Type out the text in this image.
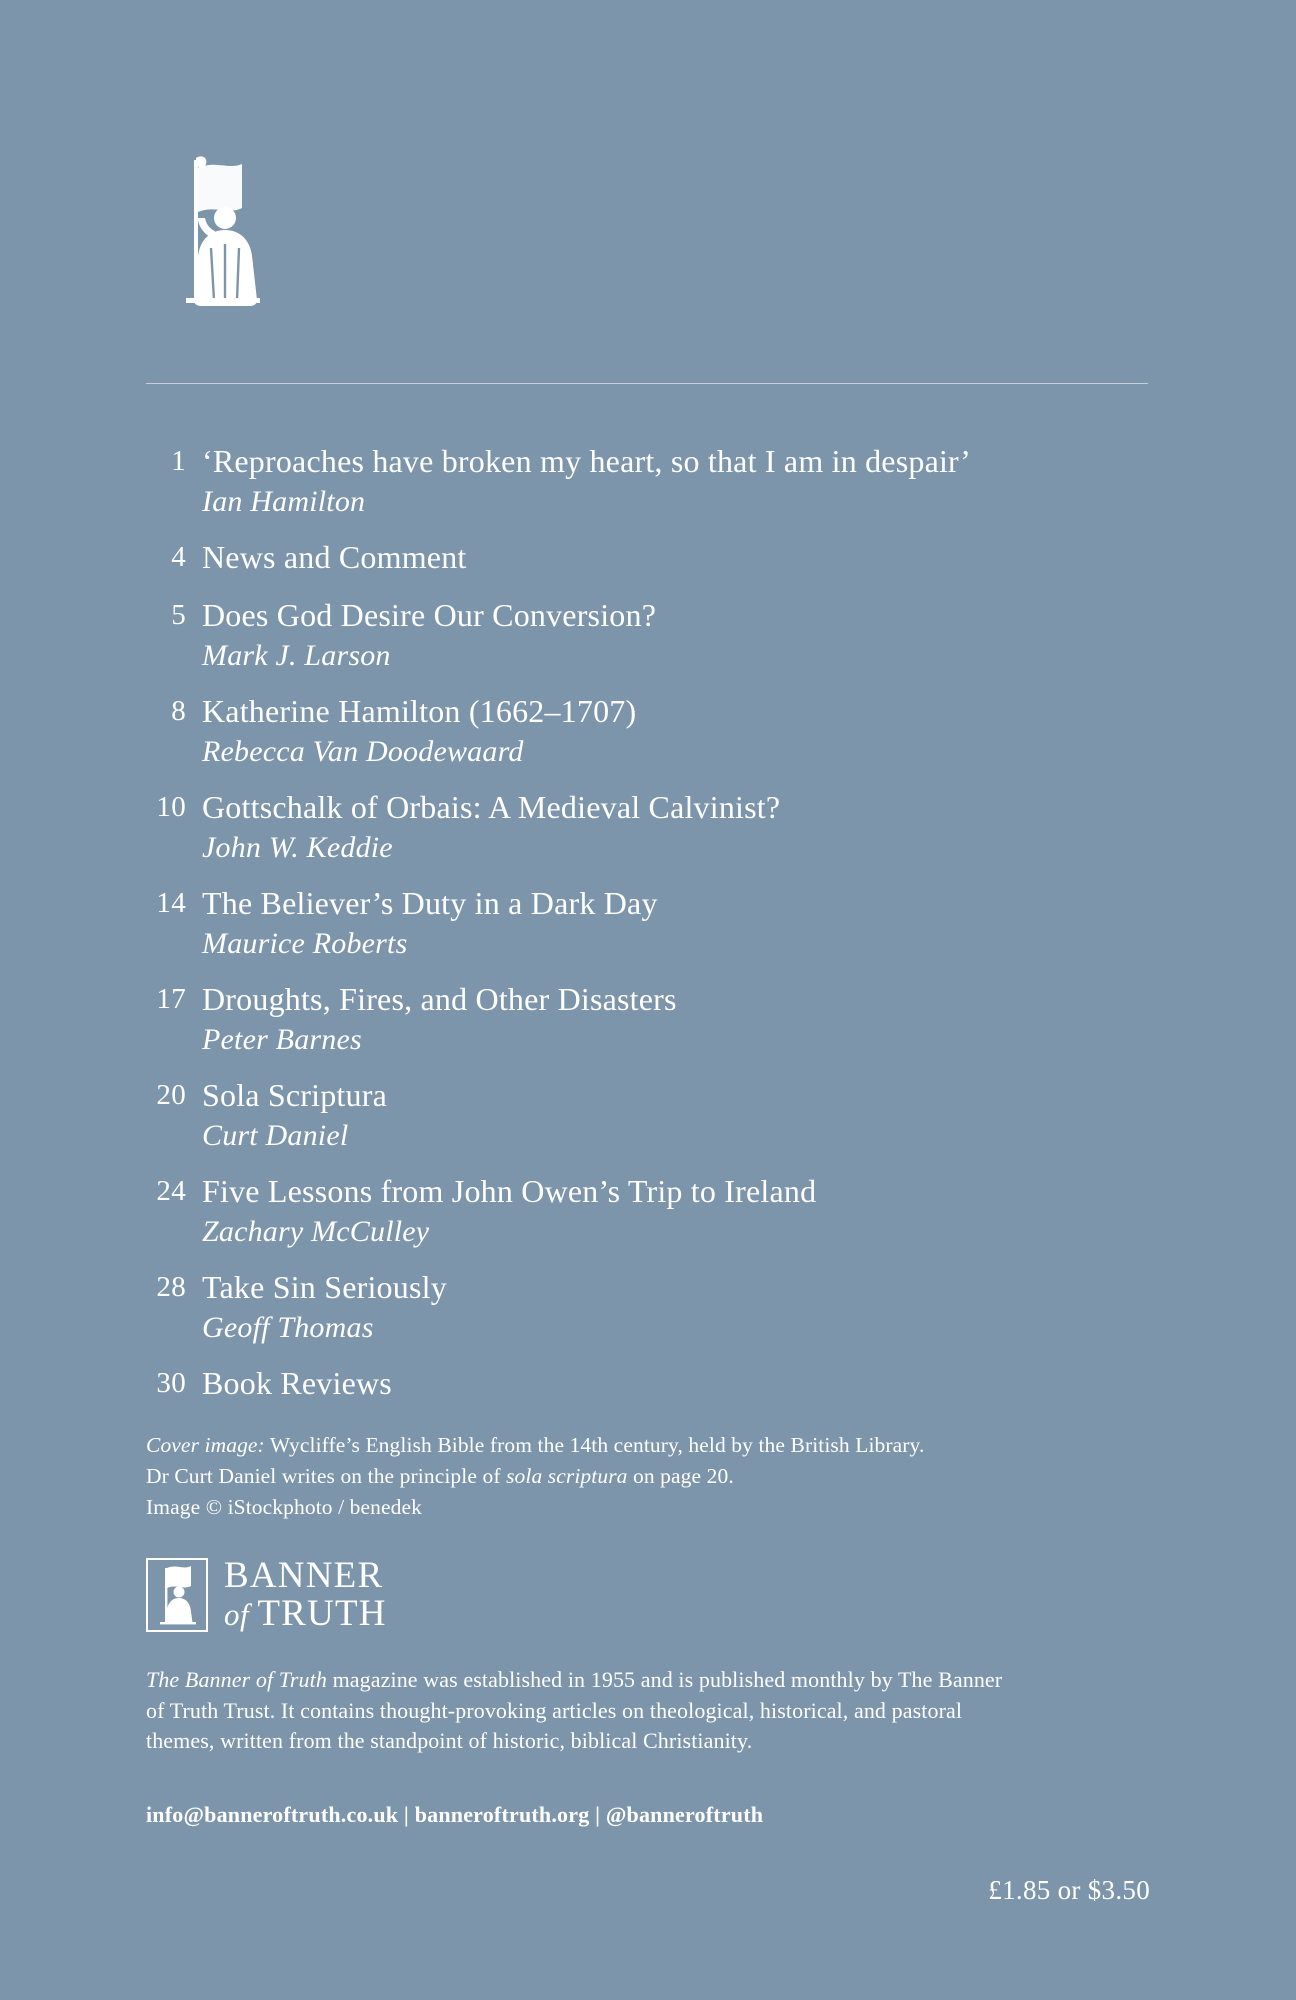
1 ‘Reproaches have broken my heart, so that I am in despair’
Ian Hamilton
4 News and Comment
5 Does God Desire Our Conversion?
Mark J. Larson
8 Katherine Hamilton (1662–1707)
Rebecca Van Doodewaard
10 Gottschalk of Orbais: A Medieval Calvinist?
John W. Keddie
14 The Believer’s Duty in a Dark Day
Maurice Roberts
17 Droughts, Fires, and Other Disasters
Peter Barnes
20 Sola Scriptura
Curt Daniel
24 Five Lessons from John Owen’s Trip to Ireland
Zachary McCulley
28 Take Sin Seriously
Geoff Thomas
30 Book Reviews
Cover image: Wycliffe’s English Bible from the 14th century, held by the British Library.
Dr Curt Daniel writes on the principle of sola scriptura on page 20.
Image © iStockphoto / benedek
BANNER
of TRUTH
The Banner of Truth magazine was established in 1955 and is published monthly by The Banner of Truth Trust. It contains thought-provoking articles on theological, historical, and pastoral themes, written from the standpoint of historic, biblical Christianity.
info@banneroftruth.co.uk | banneroftruth.org | @banneroftruth
£1.85 or $3.50
